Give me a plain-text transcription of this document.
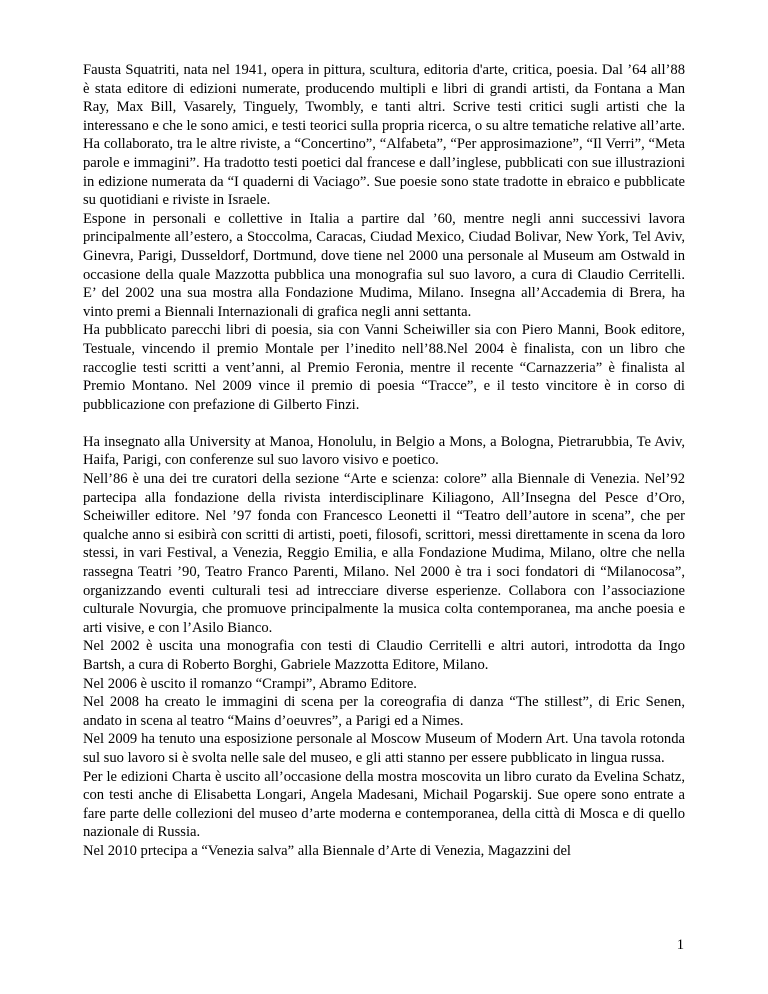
Fausta Squatriti, nata nel 1941, opera in pittura, scultura, editoria d'arte, critica, poesia. Dal ’64 all’88 è stata editore di edizioni numerate, producendo multipli e libri di grandi artisti, da Fontana a Man Ray, Max Bill, Vasarely, Tinguely, Twombly, e tanti altri. Scrive testi critici sugli artisti che la interessano e che le sono amici, e testi teorici sulla propria ricerca, o su altre tematiche relative all’arte. Ha collaborato, tra le altre riviste, a “Concertino”, “Alfabeta”, “Per approsimazione”, “Il Verri”, “Meta parole e immagini”. Ha tradotto testi poetici dal francese e dall’inglese, pubblicati con sue illustrazioni in edizione numerata da “I quaderni di Vaciago”. Sue poesie sono state tradotte in ebraico e pubblicate su quotidiani e riviste in Israele.

Espone in personali e collettive in Italia a partire dal ’60, mentre negli anni successivi lavora principalmente all’estero, a Stoccolma, Caracas, Ciudad Mexico, Ciudad Bolivar, New York, Tel Aviv, Ginevra, Parigi, Dusseldorf, Dortmund, dove tiene nel 2000 una personale al Museum am Ostwald in occasione della quale Mazzotta pubblica una monografia sul suo lavoro, a cura di Claudio Cerritelli. E’ del 2002 una sua mostra alla Fondazione Mudima, Milano. Insegna all’Accademia di Brera, ha vinto premi a Biennali Internazionali di grafica negli anni settanta.

Ha pubblicato parecchi libri di poesia, sia con Vanni Scheiwiller sia con Piero Manni, Book editore, Testuale, vincendo il premio Montale per l’inedito nell’88.Nel 2004 è finalista, con un libro che raccoglie testi scritti a vent’anni, al Premio Feronia, mentre il recente “Carnazzeria” è finalista al Premio Montano. Nel 2009 vince il premio di poesia “Tracce”, e il testo vincitore è in corso di pubblicazione con prefazione di Gilberto Finzi.

Ha insegnato alla University at Manoa, Honolulu, in Belgio a Mons, a Bologna, Pietrarubbia, Te Aviv, Haifa, Parigi, con conferenze sul suo lavoro visivo e poetico.

Nell’86 è una dei tre curatori della sezione “Arte e scienza: colore” alla Biennale di Venezia. Nel’92 partecipa alla fondazione della rivista interdisciplinare Kiliagono, All’Insegna del Pesce d’Oro, Scheiwiller editore. Nel ’97 fonda con Francesco Leonetti il “Teatro dell’autore in scena”, che per qualche anno si esibirà con scritti di artisti, poeti, filosofi, scrittori, messi direttamente in scena da loro stessi, in vari Festival, a Venezia, Reggio Emilia, e alla Fondazione Mudima, Milano, oltre che nella rassegna Teatri ’90, Teatro Franco Parenti, Milano. Nel 2000 è tra i soci fondatori di “Milanocosa”, organizzando eventi culturali tesi ad intrecciare diverse esperienze. Collabora con l’associazione culturale Novurgia, che promuove principalmente la musica colta contemporanea, ma anche poesia e arti visive, e con l’Asilo Bianco.

Nel 2002 è uscita una monografia con testi di Claudio Cerritelli e altri autori, introdotta da Ingo Bartsh, a cura di Roberto Borghi, Gabriele Mazzotta Editore, Milano.

Nel 2006 è uscito il romanzo “Crampi”, Abramo Editore.

Nel 2008 ha creato le immagini di scena per la coreografia di danza “The stillest”, di Eric Senen, andato in scena al teatro “Mains d’oeuvres”, a Parigi ed a Nimes.

Nel 2009 ha tenuto una esposizione personale al Moscow Museum of Modern Art. Una tavola rotonda sul suo lavoro si è svolta nelle sale del museo, e gli atti stanno per essere pubblicato in lingua russa.

Per le edizioni Charta è uscito all’occasione della mostra moscovita un libro curato da Evelina Schatz, con testi anche di Elisabetta Longari, Angela Madesani, Michail Pogarskij. Sue opere sono entrate a fare parte delle collezioni del museo d’arte moderna e contemporanea, della città di Mosca e di quello nazionale di Russia.

Nel 2010 prtecipa a “Venezia salva” alla Biennale d’Arte di Venezia, Magazzini del

1
